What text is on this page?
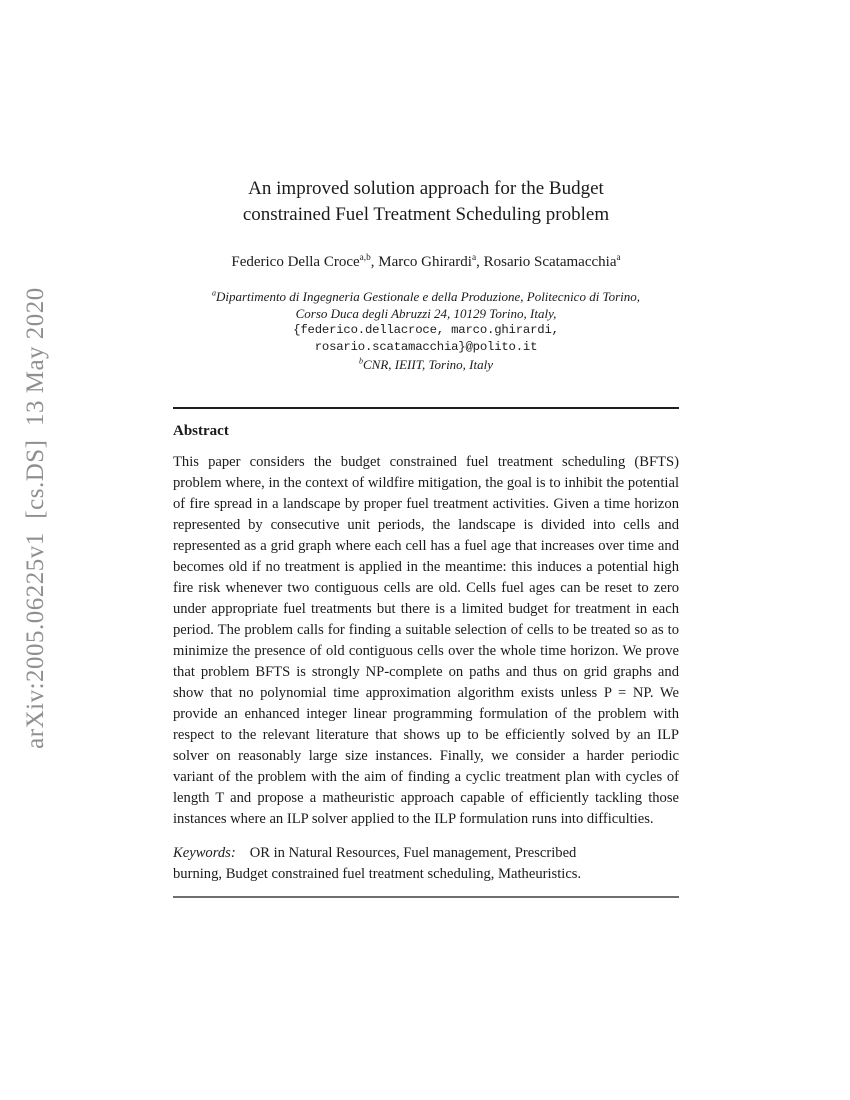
arXiv:2005.06225v1  [cs.DS]  13 May 2020
An improved solution approach for the Budget
constrained Fuel Treatment Scheduling problem
Federico Della Croce$^{a,b}$, Marco Ghirardi$^a$, Rosario Scatamacchia$^a$
$^a$Dipartimento di Ingegneria Gestionale e della Produzione, Politecnico di Torino,
Corso Duca degli Abruzzi 24, 10129 Torino, Italy,
{federico.dellacroce, marco.ghirardi,
rosario.scatamacchia}@polito.it
$^b$CNR, IEIIT, Torino, Italy
Abstract
This paper considers the budget constrained fuel treatment scheduling (BFTS) problem where, in the context of wildfire mitigation, the goal is to inhibit the potential of fire spread in a landscape by proper fuel treatment activities. Given a time horizon represented by consecutive unit periods, the landscape is divided into cells and represented as a grid graph where each cell has a fuel age that increases over time and becomes old if no treatment is applied in the meantime: this induces a potential high fire risk whenever two contiguous cells are old. Cells fuel ages can be reset to zero under appropriate fuel treatments but there is a limited budget for treatment in each period. The problem calls for finding a suitable selection of cells to be treated so as to minimize the presence of old contiguous cells over the whole time horizon. We prove that problem BFTS is strongly NP-complete on paths and thus on grid graphs and show that no polynomial time approximation algorithm exists unless P = NP. We provide an enhanced integer linear programming formulation of the problem with respect to the relevant literature that shows up to be efficiently solved by an ILP solver on reasonably large size instances. Finally, we consider a harder periodic variant of the problem with the aim of finding a cyclic treatment plan with cycles of length T and propose a matheuristic approach capable of efficiently tackling those instances where an ILP solver applied to the ILP formulation runs into difficulties.
Keywords: OR in Natural Resources, Fuel management, Prescribed
burning, Budget constrained fuel treatment scheduling, Matheuristics.
